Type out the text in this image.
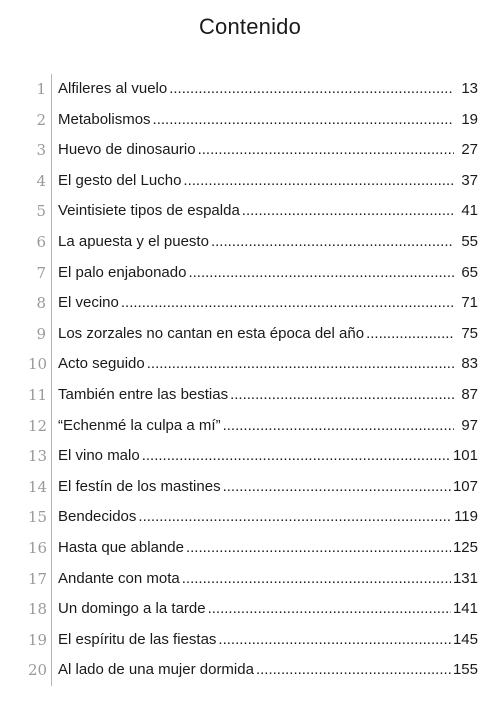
Contenido
1 Alfileres al vuelo .....	13
2 Metabolismos .....	19
3 Huevo de dinosaurio .....	27
4 El gesto del Lucho .....	37
5 Veintisiete tipos de espalda .....	41
6 La apuesta y el puesto .....	55
7 El palo enjabonado .....	65
8 El vecino .....	71
9 Los zorzales no cantan en esta época del año .....	75
10 Acto seguido .....	83
11 También entre las bestias .....	87
12 “Echenmé la culpa a mí” .....	97
13 El vino malo .....	101
14 El festín de los mastines .....	107
15 Bendecidos .....	119
16 Hasta que ablande .....	125
17 Andante con mota .....	131
18 Un domingo a la tarde .....	141
19 El espíritu de las fiestas .....	145
20 Al lado de una mujer dormida .....	155
